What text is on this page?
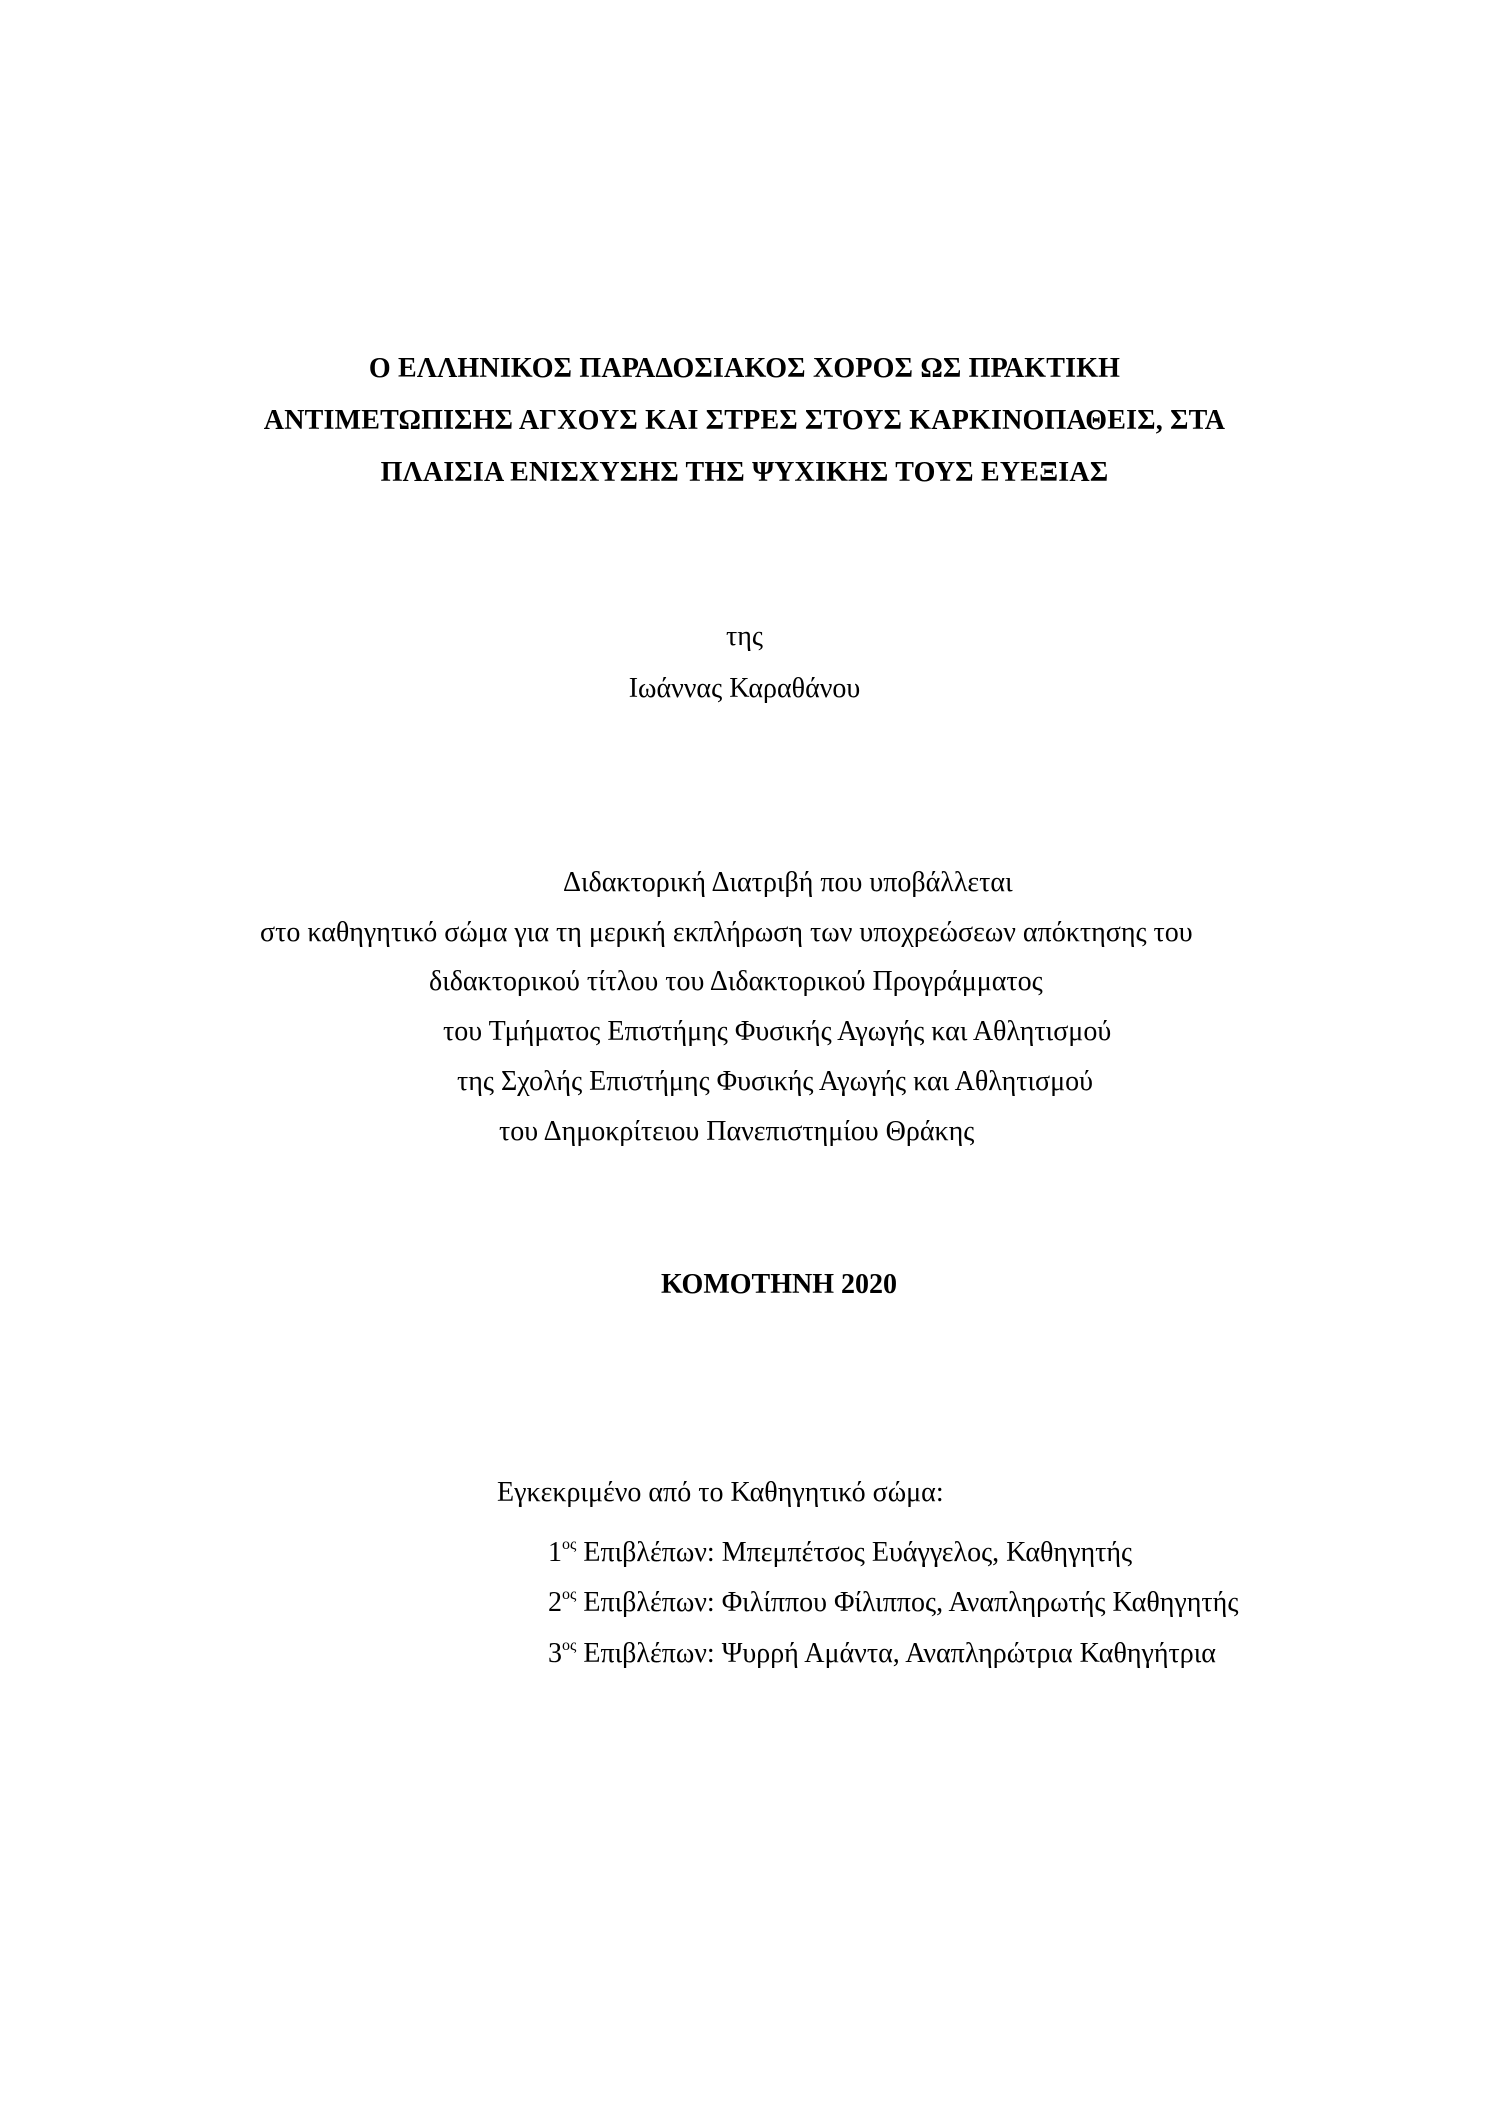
Ο ΕΛΛΗΝΙΚΟΣ ΠΑΡΑΔΟΣΙΑΚΟΣ ΧΟΡΟΣ ΩΣ ΠΡΑΚΤΙΚΗ
ΑΝΤΙΜΕΤΩΠΙΣΗΣ ΑΓΧΟΥΣ ΚΑΙ ΣΤΡΕΣ ΣΤΟΥΣ ΚΑΡΚΙΝΟΠΑΘΕΙΣ, ΣΤΑ
ΠΛΑΙΣΙΑ ΕΝΙΣΧΥΣΗΣ ΤΗΣ ΨΥΧΙΚΗΣ ΤΟΥΣ ΕΥΕΞΙΑΣ
της
Ιωάννας Καραθάνου
Διδακτορική Διατριβή που υποβάλλεται
στο καθηγητικό σώμα για τη μερική εκπλήρωση των υποχρεώσεων απόκτησης του
διδακτορικού τίτλου του Διδακτορικού Προγράμματος
του Τμήματος Επιστήμης Φυσικής Αγωγής και Αθλητισμού
της Σχολής Επιστήμης Φυσικής Αγωγής και Αθλητισμού
του Δημοκρίτειου Πανεπιστημίου Θράκης
ΚΟΜΟΤΗΝΗ 2020
Εγκεκριμένο από το Καθηγητικό σώμα:
$1^{o\varsigma}$ Επιβλέπων: Μπεμπέτσος Ευάγγελος, Καθηγητής
$2^{o\varsigma}$ Επιβλέπων: Φιλίππου Φίλιππος, Αναπληρωτής Καθηγητής
$3^{o\varsigma}$ Επιβλέπων: Ψυρρή Αμάντα, Αναπληρώτρια Καθηγήτρια
